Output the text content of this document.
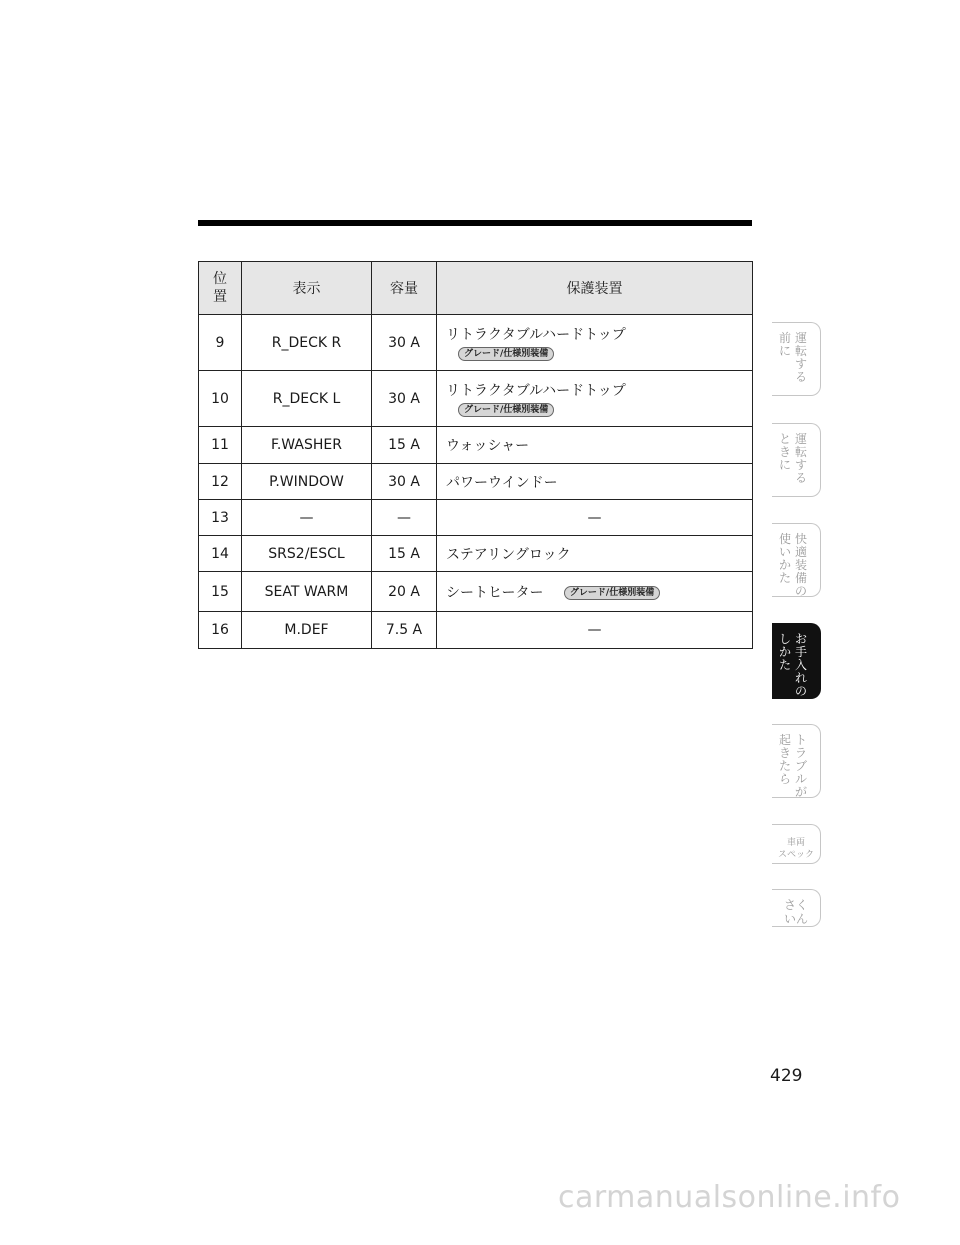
位置	表示	容量	保護装置
9	R_DECK R	30 A	リトラクタブルハードトップ
グレード/仕様別装備

10	R_DECK L	30 A	リトラクタブルハードトップ
グレード/仕様別装備

11	F.WASHER	15 A	ウォッシャー
12	P.WINDOW	30 A	パワーウインドー
13	—	—	—
14	SRS2/ESCL	15 A	ステアリングロック
15	SEAT WARM	20 A	シートヒーター グレード/仕様別装備
16	M.DEF	7.5 A	—
運転する
前に
運転する
ときに
快適装備の
使いかた
お手入れの
しかた
トラブルが
起きたら
車両
スペック
さく
いん
429
carmanualsonline.info
